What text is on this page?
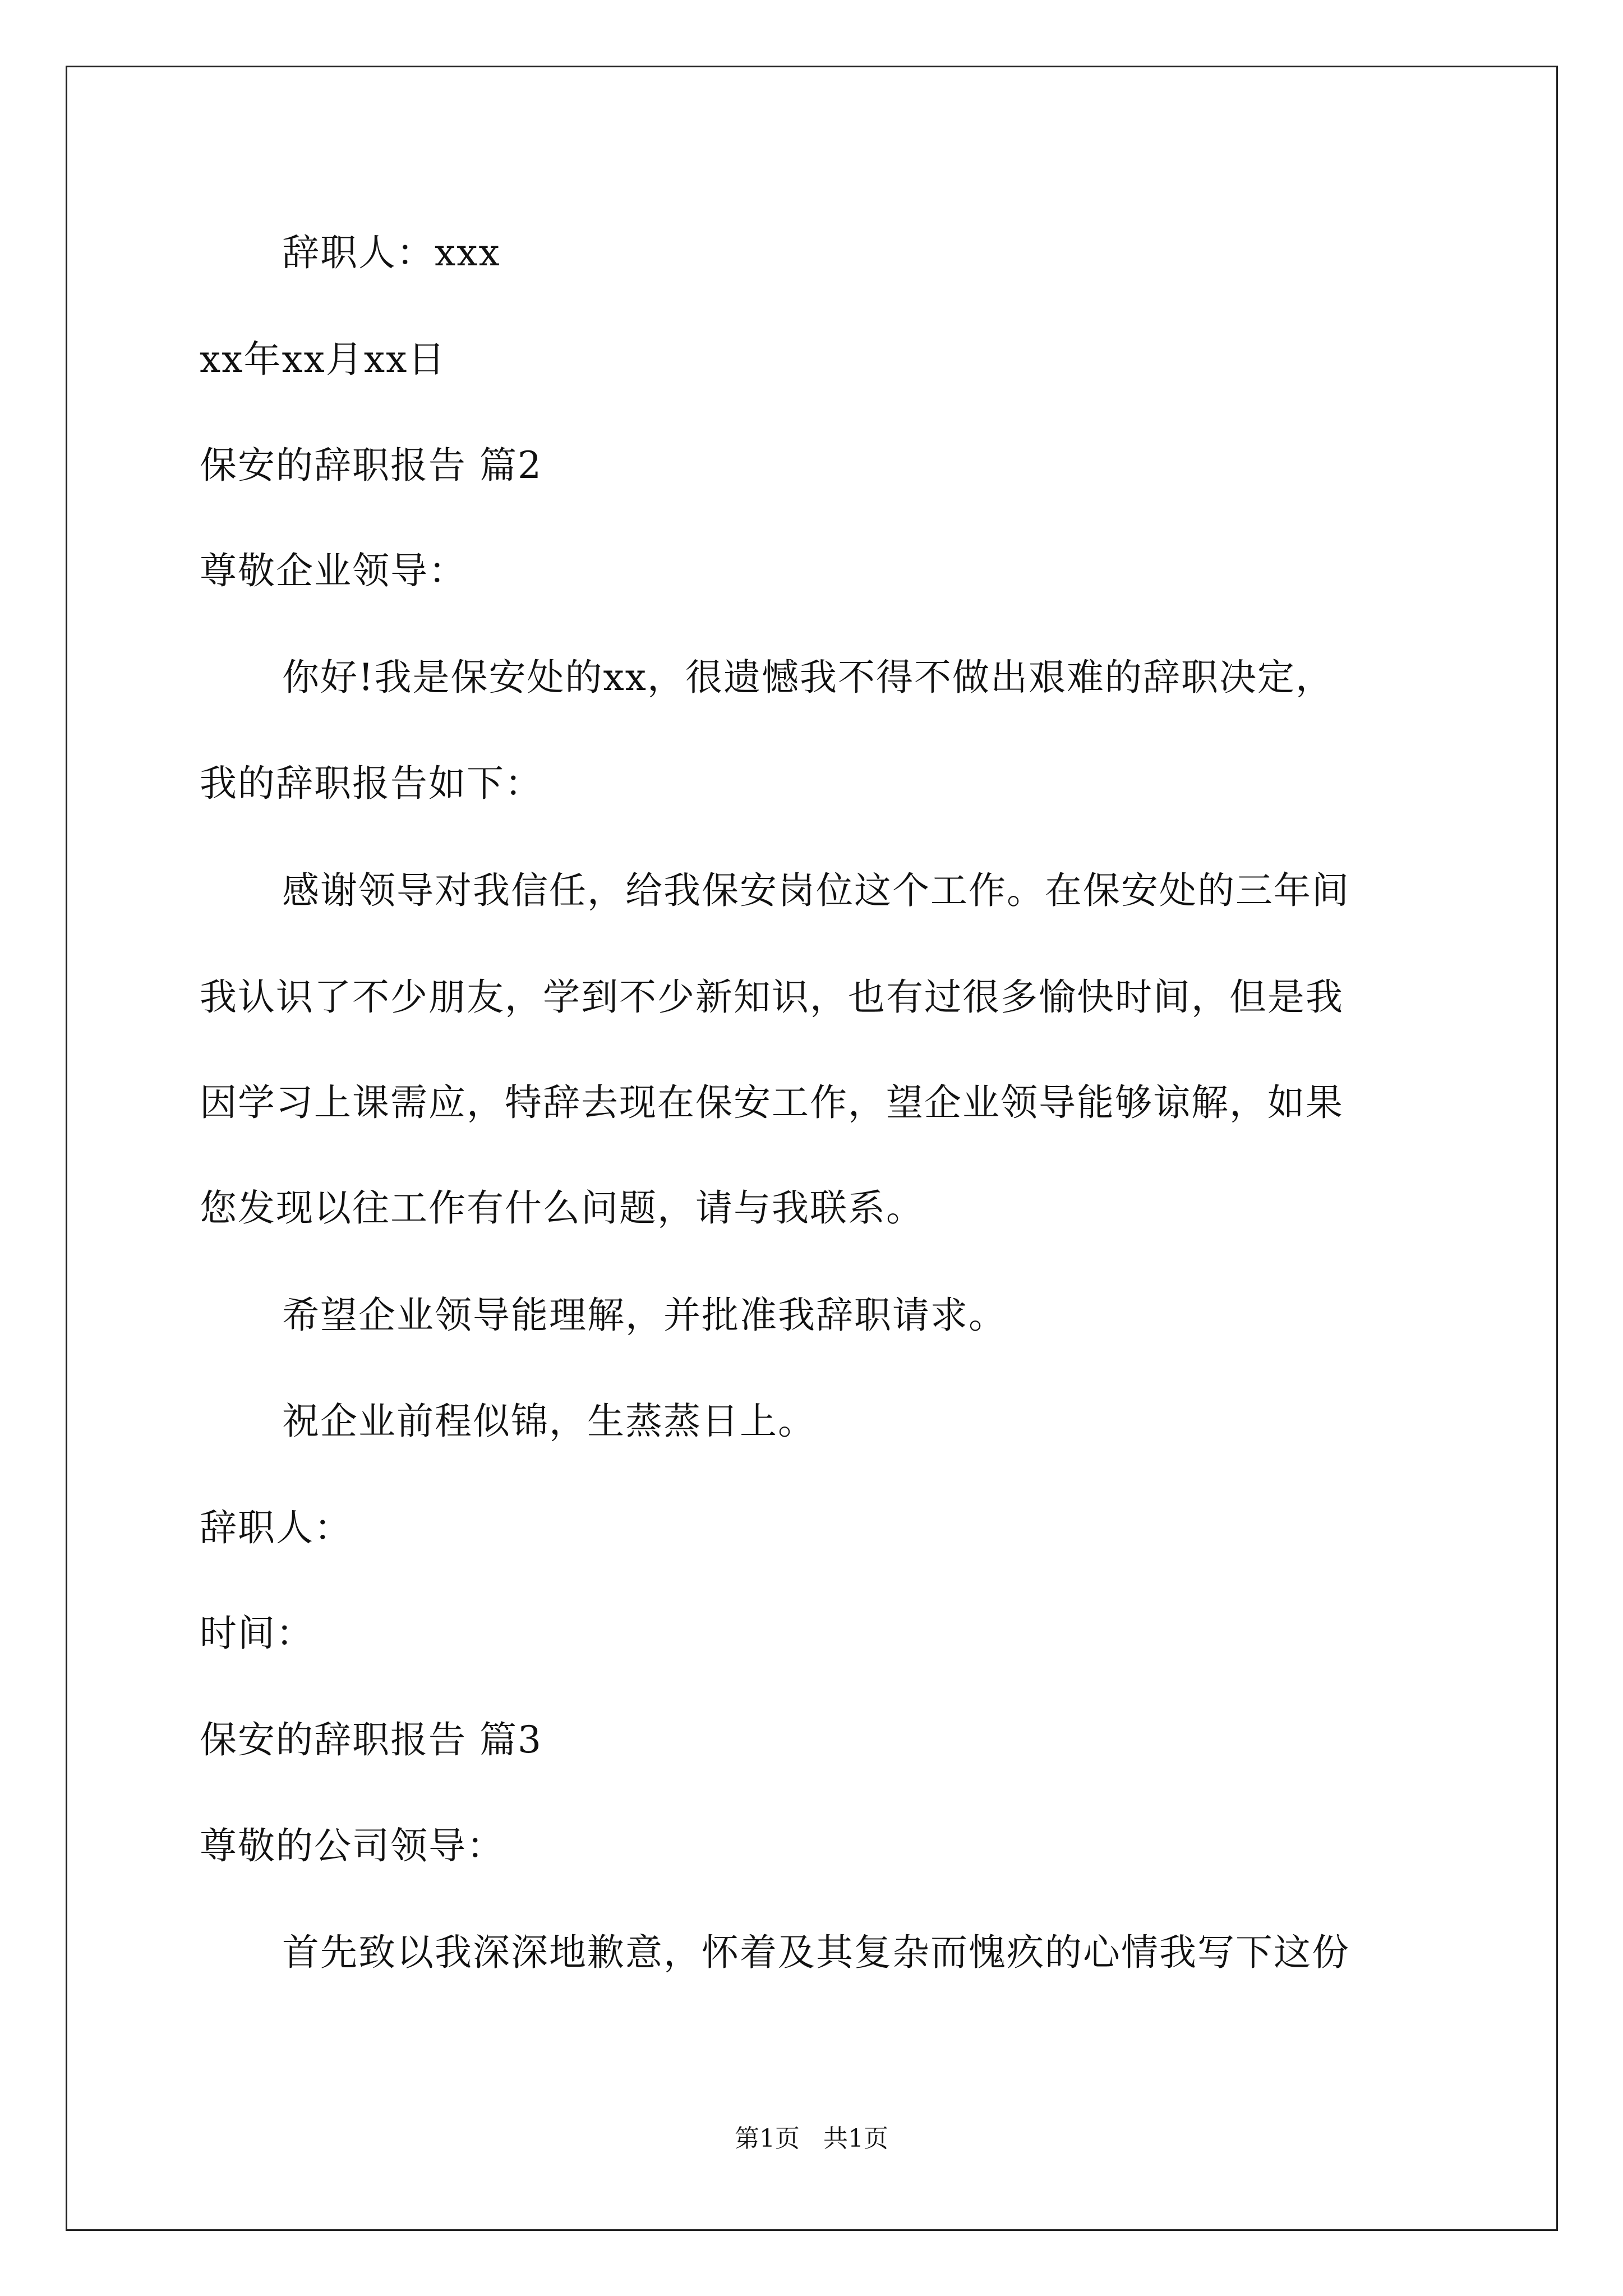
辞职人：xxx
xx年xx月xx日
保安的辞职报告 篇2
尊敬企业领导：
你好!我是保安处的xx，很遗憾我不得不做出艰难的辞职决定，
我的辞职报告如下：
感谢领导对我信任，给我保安岗位这个工作。在保安处的三年间
我认识了不少朋友，学到不少新知识，也有过很多愉快时间，但是我
因学习上课需应，特辞去现在保安工作，望企业领导能够谅解，如果
您发现以往工作有什么问题，请与我联系。
希望企业领导能理解，并批准我辞职请求。
祝企业前程似锦，生蒸蒸日上。
辞职人：
时间：
保安的辞职报告 篇3
尊敬的公司领导：
首先致以我深深地歉意，怀着及其复杂而愧疚的心情我写下这份
第1页   共1页
